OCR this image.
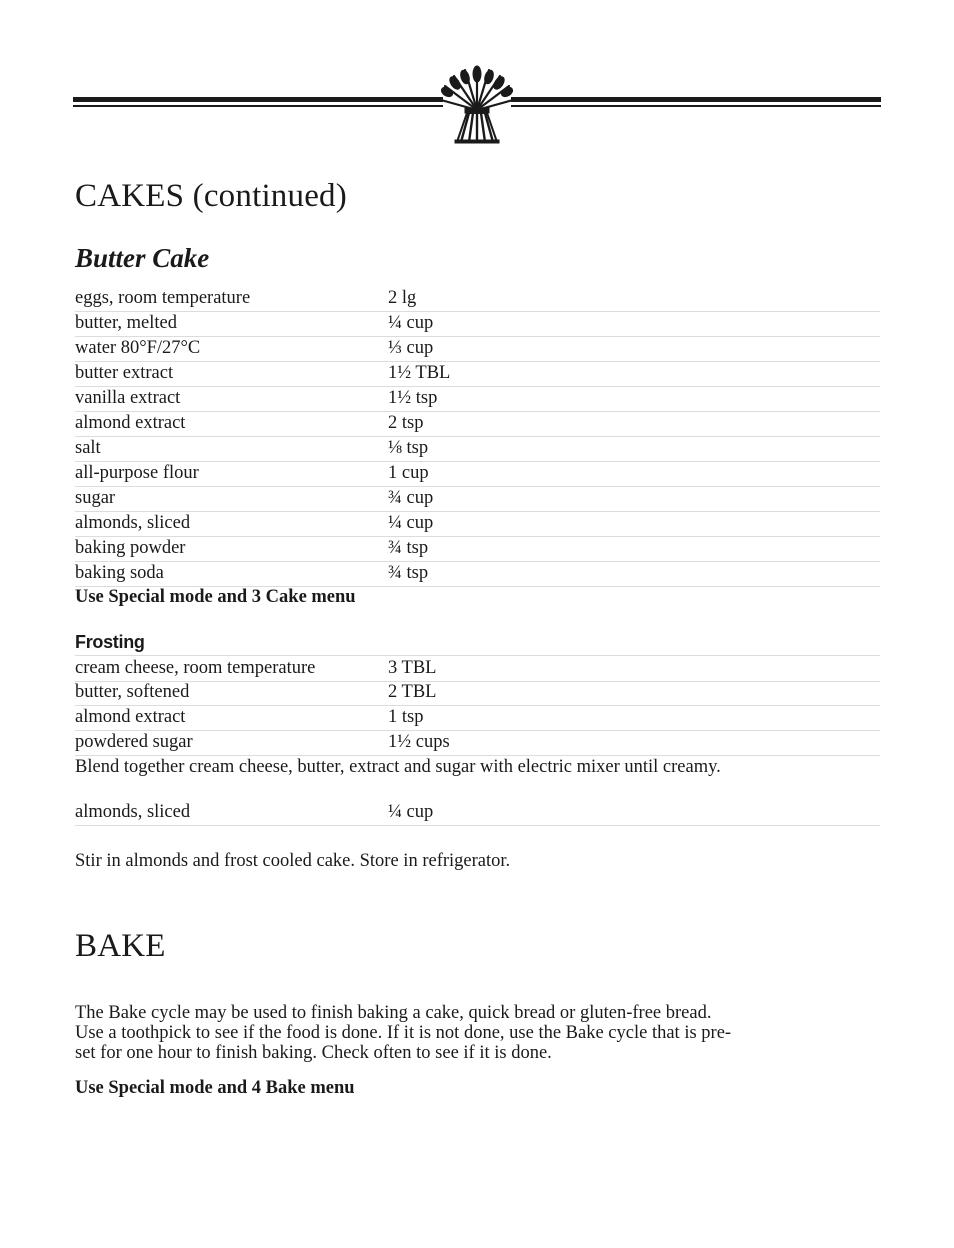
CAKES (continued)
Butter Cake
eggs, room temperature	2 lg
butter, melted	¼ cup
water 80°F/27°C	⅓ cup
butter extract	1½ TBL
vanilla extract	1½ tsp
almond extract	2 tsp
salt	⅛ tsp
all-purpose flour	1 cup
sugar	¾ cup
almonds, sliced	¼ cup
baking powder	¾ tsp
baking soda	¾ tsp
Use Special mode and 3 Cake menu
Frosting
cream cheese, room temperature	3 TBL
butter, softened	2 TBL
almond extract	1 tsp
powdered sugar	1½ cups
Blend together cream cheese, butter, extract and sugar with electric mixer until creamy.
almonds, sliced	¼ cup
Stir in almonds and frost cooled cake. Store in refrigerator.
BAKE
The Bake cycle may be used to finish baking a cake, quick bread or gluten-free bread.
Use a toothpick to see if the food is done. If it is not done, use the Bake cycle that is pre-
set for one hour to finish baking. Check often to see if it is done.
Use Special mode and 4 Bake menu
